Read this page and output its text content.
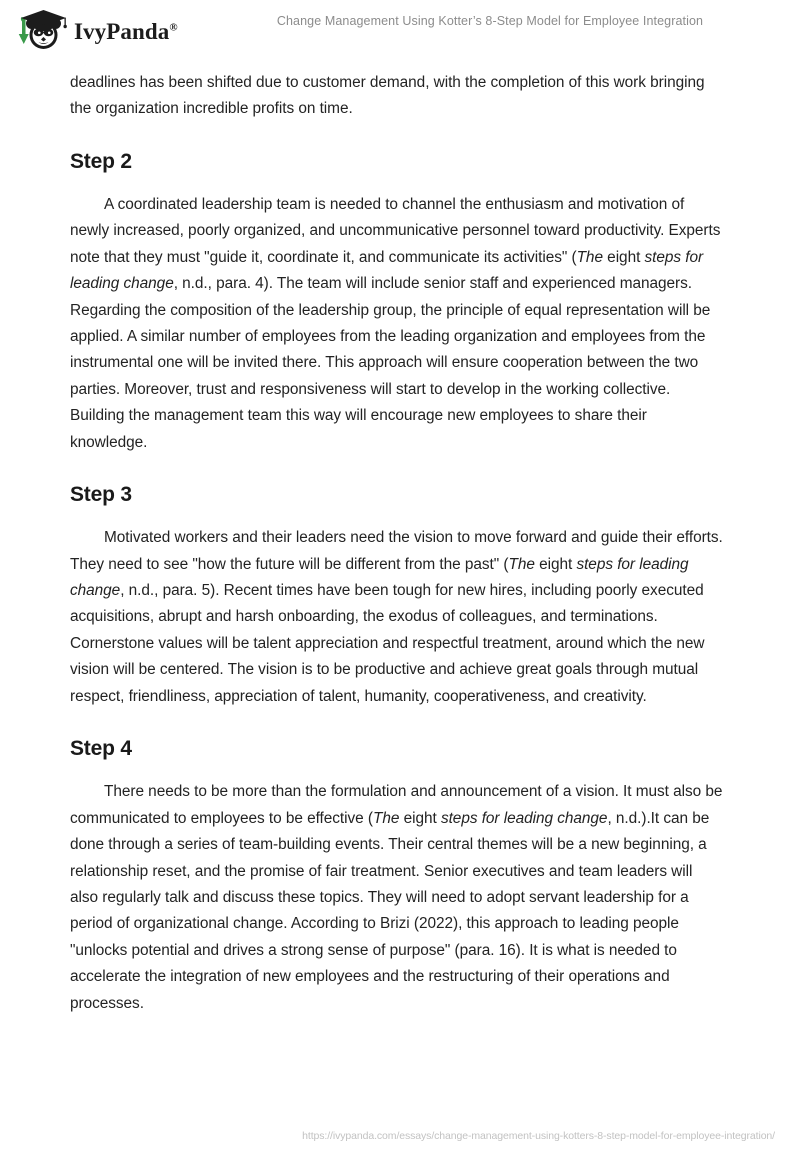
IvyPanda®	Change Management Using Kotter’s 8-Step Model for Employee Integration

deadlines has been shifted due to customer demand, with the completion of this work bringing the organization incredible profits on time.

Step 2

A coordinated leadership team is needed to channel the enthusiasm and motivation of newly increased, poorly organized, and uncommunicative personnel toward productivity. Experts note that they must "guide it, coordinate it, and communicate its activities" (The eight steps for leading change, n.d., para. 4). The team will include senior staff and experienced managers. Regarding the composition of the leadership group, the principle of equal representation will be applied. A similar number of employees from the leading organization and employees from the instrumental one will be invited there. This approach will ensure cooperation between the two parties. Moreover, trust and responsiveness will start to develop in the working collective. Building the management team this way will encourage new employees to share their knowledge.

Step 3

Motivated workers and their leaders need the vision to move forward and guide their efforts. They need to see "how the future will be different from the past" (The eight steps for leading change, n.d., para. 5). Recent times have been tough for new hires, including poorly executed acquisitions, abrupt and harsh onboarding, the exodus of colleagues, and terminations. Cornerstone values will be talent appreciation and respectful treatment, around which the new vision will be centered. The vision is to be productive and achieve great goals through mutual respect, friendliness, appreciation of talent, humanity, cooperativeness, and creativity.

Step 4

There needs to be more than the formulation and announcement of a vision. It must also be communicated to employees to be effective (The eight steps for leading change, n.d.).It can be done through a series of team-building events. Their central themes will be a new beginning, a relationship reset, and the promise of fair treatment. Senior executives and team leaders will also regularly talk and discuss these topics. They will need to adopt servant leadership for a period of organizational change. According to Brizi (2022), this approach to leading people "unlocks potential and drives a strong sense of purpose" (para. 16). It is what is needed to accelerate the integration of new employees and the restructuring of their operations and processes.

https://ivypanda.com/essays/change-management-using-kotters-8-step-model-for-employee-integration/
